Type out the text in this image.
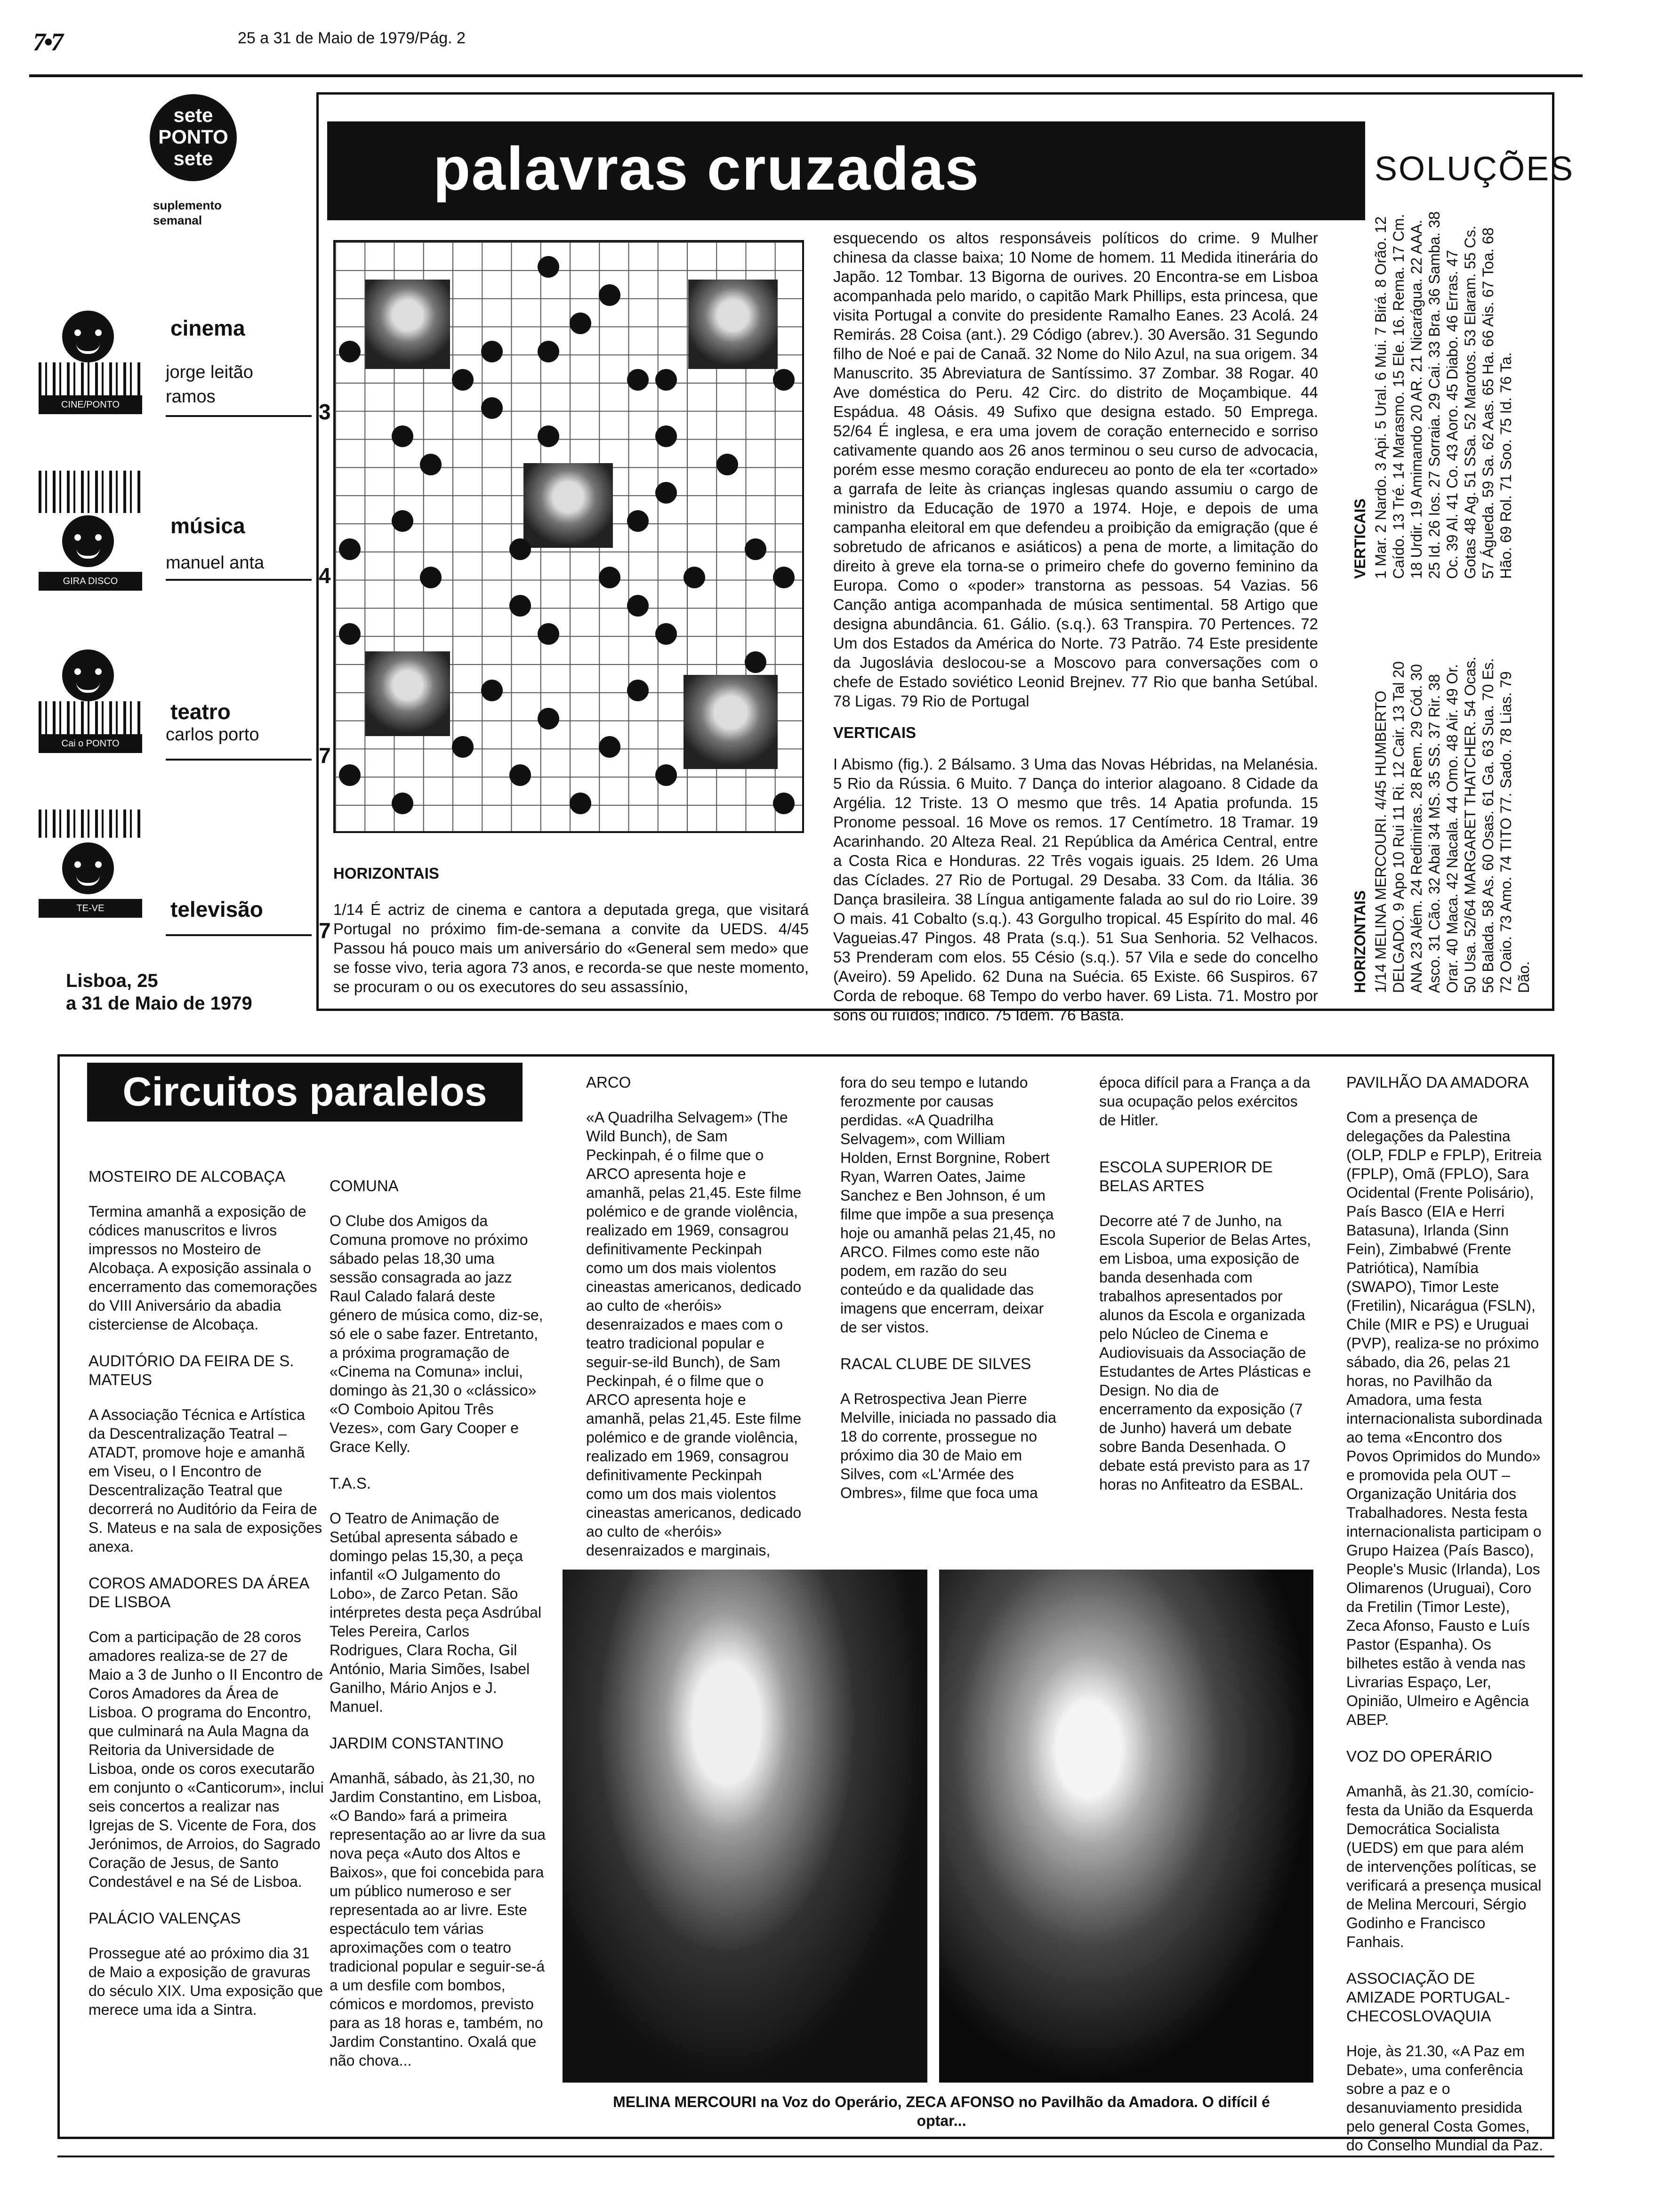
7•7	25 a 31 de Maio de 1979/Pág. 2
sete
PONTO
sete
suplemento
semanal
CINE/PONTO
cinema
jorge leitão
ramos
3
GIRA DISCO
música
manuel anta
4
Cai o PONTO
teatro
carlos porto
7
TE-VE	televisão
7
Lisboa, 25
a 31 de Maio de 1979
palavras cruzadas	SOLUÇÕES
HORIZONTAIS
1/14 É actriz de cinema e cantora a deputada grega, que visitará Portugal no próximo fim-de-semana a convite da UEDS. 4/45 Passou há pouco mais um aniversário do «General sem medo» que se fosse vivo, teria agora 73 anos, e recorda-se que neste momento, se procuram o ou os executores do seu assassínio,
esquecendo os altos responsáveis políticos do crime. 9 Mulher chinesa da classe baixa; 10 Nome de homem. 11 Medida itinerária do Japão. 12 Tombar. 13 Bigorna de ourives. 20 Encontra-se em Lisboa acompanhada pelo marido, o capitão Mark Phillips, esta princesa, que visita Portugal a convite do presidente Ramalho Eanes. 23 Acolá. 24 Remirás. 28 Coisa (ant.). 29 Código (abrev.). 30 Aversão. 31 Segundo filho de Noé e pai de Canaã. 32 Nome do Nilo Azul, na sua origem. 34 Manuscrito. 35 Abreviatura de Santíssimo. 37 Zombar. 38 Rogar. 40 Ave doméstica do Peru. 42 Circ. do distrito de Moçambique. 44 Espádua. 48 Oásis. 49 Sufixo que designa estado. 50 Emprega. 52/64 É inglesa, e era uma jovem de coração enternecido e sorriso cativamente quando aos 26 anos terminou o seu curso de advocacia, porém esse mesmo coração endureceu ao ponto de ela ter «cortado» a garrafa de leite às crianças inglesas quando assumiu o cargo de ministro da Educação de 1970 a 1974. Hoje, e depois de uma campanha eleitoral em que defendeu a proibição da emigração (que é sobretudo de africanos e asiáticos) a pena de morte, a limitação do direito à greve ela torna-se o primeiro chefe do governo feminino da Europa. Como o «poder» transtorna as pessoas. 54 Vazias. 56 Canção antiga acompanhada de música sentimental. 58 Artigo que designa abundância. 61. Gálio. (s.q.). 63 Transpira. 70 Pertences. 72 Um dos Estados da América do Norte. 73 Patrão. 74 Este presidente da Jugoslávia deslocou-se a Moscovo para conversações com o chefe de Estado soviético Leonid Brejnev. 77 Rio que banha Setúbal. 78 Ligas. 79 Rio de Portugal
VERTICAIS
I Abismo (fig.). 2 Bálsamo. 3 Uma das Novas Hébridas, na Melanésia. 5 Rio da Rússia. 6 Muito. 7 Dança do interior alagoano. 8 Cidade da Argélia. 12 Triste. 13 O mesmo que três. 14 Apatia profunda. 15 Pronome pessoal. 16 Move os remos. 17 Centímetro. 18 Tramar. 19 Acarinhando. 20 Alteza Real. 21 República da América Central, entre a Costa Rica e Honduras. 22 Três vogais iguais. 25 Idem. 26 Uma das Cíclades. 27 Rio de Portugal. 29 Desaba. 33 Com. da Itália. 36 Dança brasileira. 38 Língua antigamente falada ao sul do rio Loire. 39 O mais. 41 Cobalto (s.q.). 43 Gorgulho tropical. 45 Espírito do mal. 46 Vagueias.47 Pingos. 48 Prata (s.q.). 51 Sua Senhoria. 52 Velhacos. 53 Prenderam com elos. 55 Césio (s.q.). 57 Vila e sede do concelho (Aveiro). 59 Apelido. 62 Duna na Suécia. 65 Existe. 66 Suspiros. 67 Corda de reboque. 68 Tempo do verbo haver. 69 Lista. 71. Mostro por sons ou ruídos; índico. 75 Idem. 76 Basta.
VERTICAIS 1 Mar. 2 Nardo. 3 Api. 5 Ural. 6 Mui. 7 Birá. 8 Orão. 12 Caído. 13 Tré. 14 Marasmo. 15 Ele. 16. Rema. 17 Cm. 18 Urdir. 19 Amimando 20 AR. 21 Nicarágua. 22 AAA. 25 Id. 26 Ios. 27 Sorraia. 29 Cai. 33 Bra. 36 Samba. 38 Oc. 39 Al. 41 Co. 43 Aoro. 45 Diabo. 46 Erras. 47 Gotas 48 Ag. 51 SSa. 52 Marotos. 53 Elaram. 55 Cs. 57 Águeda. 59 Sa. 62 Aas. 65 Ha. 66 Ais. 67 Toa. 68 Hão. 69 Rol. 71 Soo. 75 Id. 76 Ta.
HORIZONTAIS 1/14 MELINA MERCOURI. 4/45 HUMBERTO DELGADO. 9 Apo 10 Rui 11 Ri. 12 Cair. 13 Tal 20 ANA 23 Além. 24 Redimiras. 28 Rem. 29 Cód. 30 Asco. 31 Cão. 32 Abai 34 MS. 35 SS. 37 Rir. 38 Orar. 40 Maca. 42 Nacala. 44 Omo. 48 Air. 49 Or. 50 Usa. 52/64 MARGARET THATCHER. 54 Ocas. 56 Balada. 58 As. 60 Osas. 61 Ga. 63 Sua. 70 Es. 72 Oaio. 73 Amo. 74 TITO 77. Sado. 78 Lias. 79 Dão.
Circuitos paralelos
MOSTEIRO DE ALCOBAÇA

Termina amanhã a exposição de códices manuscritos e livros impressos no Mosteiro de Alcobaça. A exposição assinala o encerramento das comemorações do VIII Aniversário da abadia cisterciense de Alcobaça.

AUDITÓRIO DA FEIRA DE S. MATEUS

A Associação Técnica e Artística da Descentralização Teatral – ATADT, promove hoje e amanhã em Viseu, o I Encontro de Descentralização Teatral que decorrerá no Auditório da Feira de S. Mateus e na sala de exposições anexa.

COROS AMADORES DA ÁREA DE LISBOA

Com a participação de 28 coros amadores realiza-se de 27 de Maio a 3 de Junho o II Encontro de Coros Amadores da Área de Lisboa. O programa do Encontro, que culminará na Aula Magna da Reitoria da Universidade de Lisboa, onde os coros executarão em conjunto o «Canticorum», inclui seis concertos a realizar nas Igrejas de S. Vicente de Fora, dos Jerónimos, de Arroios, do Sagrado Coração de Jesus, de Santo Condestável e na Sé de Lisboa.

PALÁCIO VALENÇAS

Prossegue até ao próximo dia 31 de Maio a exposição de gravuras do século XIX. Uma exposição que merece uma ida a Sintra.

COMUNA

O Clube dos Amigos da Comuna promove no próximo sábado pelas 18,30 uma sessão consagrada ao jazz Raul Calado falará deste género de música como, diz-se, só ele o sabe fazer. Entretanto, a próxima programação de «Cinema na Comuna» inclui, domingo às 21,30 o «clássico» «O Comboio Apitou Três Vezes», com Gary Cooper e Grace Kelly.

T.A.S.

O Teatro de Animação de Setúbal apresenta sábado e domingo pelas 15,30, a peça infantil «O Julgamento do Lobo», de Zarco Petan. São intérpretes desta peça Asdrúbal Teles Pereira, Carlos Rodrigues, Clara Rocha, Gil António, Maria Simões, Isabel Ganilho, Mário Anjos e J. Manuel.

JARDIM CONSTANTINO

Amanhã, sábado, às 21,30, no Jardim Constantino, em Lisboa, «O Bando» fará a primeira representação ao ar livre da sua nova peça «Auto dos Altos e Baixos», que foi concebida para um público numeroso e ser representada ao ar livre. Este espectáculo tem várias aproximações com o teatro tradicional popular e seguir-se-á a um desfile com bombos, cómicos e mordomos, previsto para as 18 horas e, também, no Jardim Constantino. Oxalá que não chova...

ARCO

«A Quadrilha Selvagem» (The Wild Bunch), de Sam Peckinpah, é o filme que o ARCO apresenta hoje e amanhã, pelas 21,45. Este filme polémico e de grande violência, realizado em 1969, consagrou definitivamente Peckinpah como um dos mais violentos cineastas americanos, dedicado ao culto de «heróis» desenraizados e maes com o teatro tradicional popular e seguir-se-ild Bunch), de Sam Peckinpah, é o filme que o ARCO apresenta hoje e amanhã, pelas 21,45. Este filme polémico e de grande violência, realizado em 1969, consagrou definitivamente Peckinpah como um dos mais violentos cineastas americanos, dedicado ao culto de «heróis» desenraizados e marginais,

fora do seu tempo e lutando ferozmente por causas perdidas. «A Quadrilha Selvagem», com William Holden, Ernst Borgnine, Robert Ryan, Warren Oates, Jaime Sanchez e Ben Johnson, é um filme que impõe a sua presença hoje ou amanhã pelas 21,45, no ARCO. Filmes como este não podem, em razão do seu conteúdo e da qualidade das imagens que encerram, deixar de ser vistos.

RACAL CLUBE DE SILVES

A Retrospectiva Jean Pierre Melville, iniciada no passado dia 18 do corrente, prossegue no próximo dia 30 de Maio em Silves, com «L'Armée des Ombres», filme que foca uma

época difícil para a França a da sua ocupação pelos exércitos de Hitler.

ESCOLA SUPERIOR DE BELAS ARTES

Decorre até 7 de Junho, na Escola Superior de Belas Artes, em Lisboa, uma exposição de banda desenhada com trabalhos apresentados por alunos da Escola e organizada pelo Núcleo de Cinema e Audiovisuais da Associação de Estudantes de Artes Plásticas e Design. No dia de encerramento da exposição (7 de Junho) haverá um debate sobre Banda Desenhada. O debate está previsto para as 17 horas no Anfiteatro da ESBAL.

PAVILHÃO DA AMADORA

Com a presença de delegações da Palestina (OLP, FDLP e FPLP), Eritreia (FPLP), Omã (FPLO), Sara Ocidental (Frente Polisário), País Basco (EIA e Herri Batasuna), Irlanda (Sinn Fein), Zimbabwé (Frente Patriótica), Namíbia (SWAPO), Timor Leste (Fretilin), Nicarágua (FSLN), Chile (MIR e PS) e Uruguai (PVP), realiza-se no próximo sábado, dia 26, pelas 21 horas, no Pavilhão da Amadora, uma festa internacionalista subordinada ao tema «Encontro dos Povos Oprimidos do Mundo» e promovida pela OUT – Organização Unitária dos Trabalhadores. Nesta festa internacionalista participam o Grupo Haizea (País Basco), People's Music (Irlanda), Los Olimarenos (Uruguai), Coro da Fretilin (Timor Leste), Zeca Afonso, Fausto e Luís Pastor (Espanha). Os bilhetes estão à venda nas Livrarias Espaço, Ler, Opinião, Ulmeiro e Agência ABEP.

VOZ DO OPERÁRIO

Amanhã, às 21.30, comício-festa da União da Esquerda Democrática Socialista (UEDS) em que para além de intervenções políticas, se verificará a presença musical de Melina Mercouri, Sérgio Godinho e Francisco Fanhais.

ASSOCIAÇÃO DE AMIZADE PORTUGAL-CHECOSLOVAQUIA

Hoje, às 21.30, «A Paz em Debate», uma conferência sobre a paz e o desanuviamento presidida pelo general Costa Gomes, do Conselho Mundial da Paz.

MELINA MERCOURI na Voz do Operário, ZECA AFONSO no Pavilhão da Amadora. O difícil é optar...
